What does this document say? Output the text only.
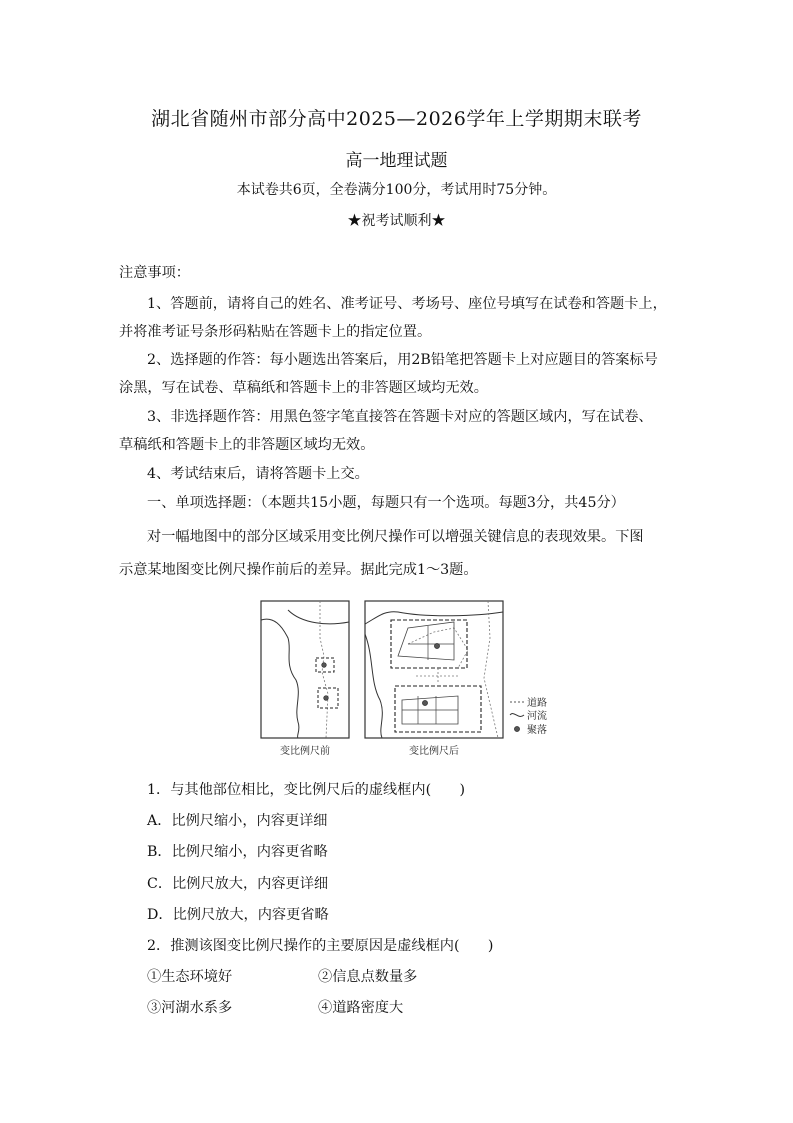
湖北省随州市部分高中2025—2026学年上学期期末联考
高一地理试题
本试卷共6页，全卷满分100分，考试用时75分钟。
★祝考试顺利★
注意事项：
1、答题前，请将自己的姓名、准考证号、考场号、座位号填写在试卷和答题卡上，
并将准考证号条形码粘贴在答题卡上的指定位置。
2、选择题的作答：每小题选出答案后，用2B铅笔把答题卡上对应题目的答案标号
涂黑，写在试卷、草稿纸和答题卡上的非答题区域均无效。
3、非选择题作答：用黑色签字笔直接答在答题卡对应的答题区域内，写在试卷、
草稿纸和答题卡上的非答题区域均无效。
4、考试结束后，请将答题卡上交。
一、单项选择题：（本题共15小题，每题只有一个选项。每题3分，共45分）
对一幅地图中的部分区域采用变比例尺操作可以增强关键信息的表现效果。下图
示意某地图变比例尺操作前后的差异。据此完成1～3题。
道路
河流
聚落
变比例尺前	变比例尺后
1．与其他部位相比，变比例尺后的虚线框内(　　)
A．比例尺缩小，内容更详细
B．比例尺缩小，内容更省略
C．比例尺放大，内容更详细
D．比例尺放大，内容更省略
2．推测该图变比例尺操作的主要原因是虚线框内(　　)
①生态环境好	②信息点数量多
③河湖水系多	④道路密度大
